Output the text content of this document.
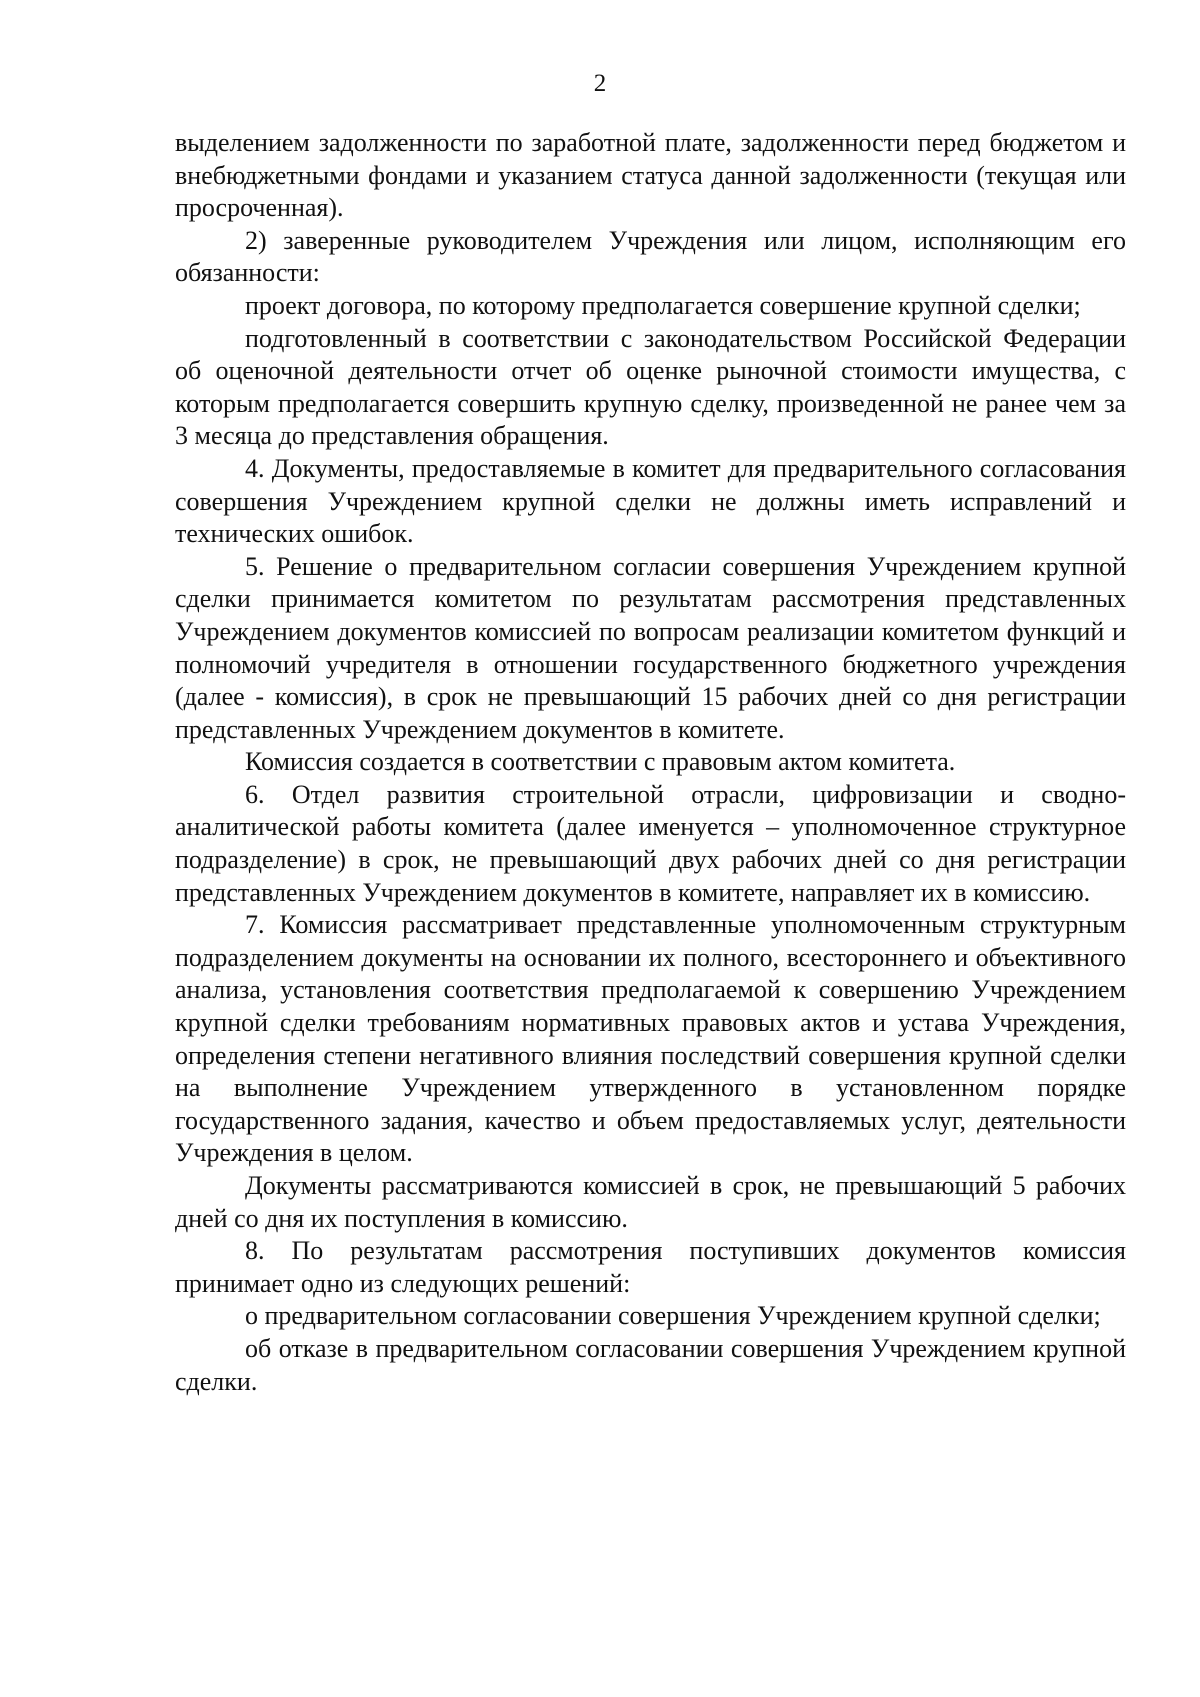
2

выделением задолженности по заработной плате, задолженности перед бюджетом и внебюджетными фондами и указанием статуса данной задолженности (текущая или просроченная).

2) заверенные руководителем Учреждения или лицом, исполняющим его обязанности:

проект договора, по которому предполагается совершение крупной сделки;

подготовленный в соответствии с законодательством Российской Федерации об оценочной деятельности отчет об оценке рыночной стоимости имущества, с которым предполагается совершить крупную сделку, произведенной не ранее чем за 3 месяца до представления обращения.

4. Документы, предоставляемые в комитет для предварительного согласования совершения Учреждением крупной сделки не должны иметь исправлений и технических ошибок.

5. Решение о предварительном согласии совершения Учреждением крупной сделки принимается комитетом по результатам рассмотрения представленных Учреждением документов комиссией по вопросам реализации комитетом функций и полномочий учредителя в отношении государственного бюджетного учреждения (далее - комиссия), в срок не превышающий 15 рабочих дней со дня регистрации представленных Учреждением документов в комитете.

Комиссия создается в соответствии с правовым актом комитета.

6. Отдел развития строительной отрасли, цифровизации и сводно-аналитической работы комитета (далее именуется – уполномоченное структурное подразделение) в срок, не превышающий двух рабочих дней со дня регистрации представленных Учреждением документов в комитете, направляет их в комиссию.

7. Комиссия рассматривает представленные уполномоченным структурным подразделением документы на основании их полного, всестороннего и объективного анализа, установления соответствия предполагаемой к совершению Учреждением крупной сделки требованиям нормативных правовых актов и устава Учреждения, определения степени негативного влияния последствий совершения крупной сделки на выполнение Учреждением утвержденного в установленном порядке государственного задания, качество и объем предоставляемых услуг, деятельности Учреждения в целом.

Документы рассматриваются комиссией в срок, не превышающий 5 рабочих дней со дня их поступления в комиссию.

8. По результатам рассмотрения поступивших документов комиссия принимает одно из следующих решений:

о предварительном согласовании совершения Учреждением крупной сделки;

об отказе в предварительном согласовании совершения Учреждением крупной сделки.
